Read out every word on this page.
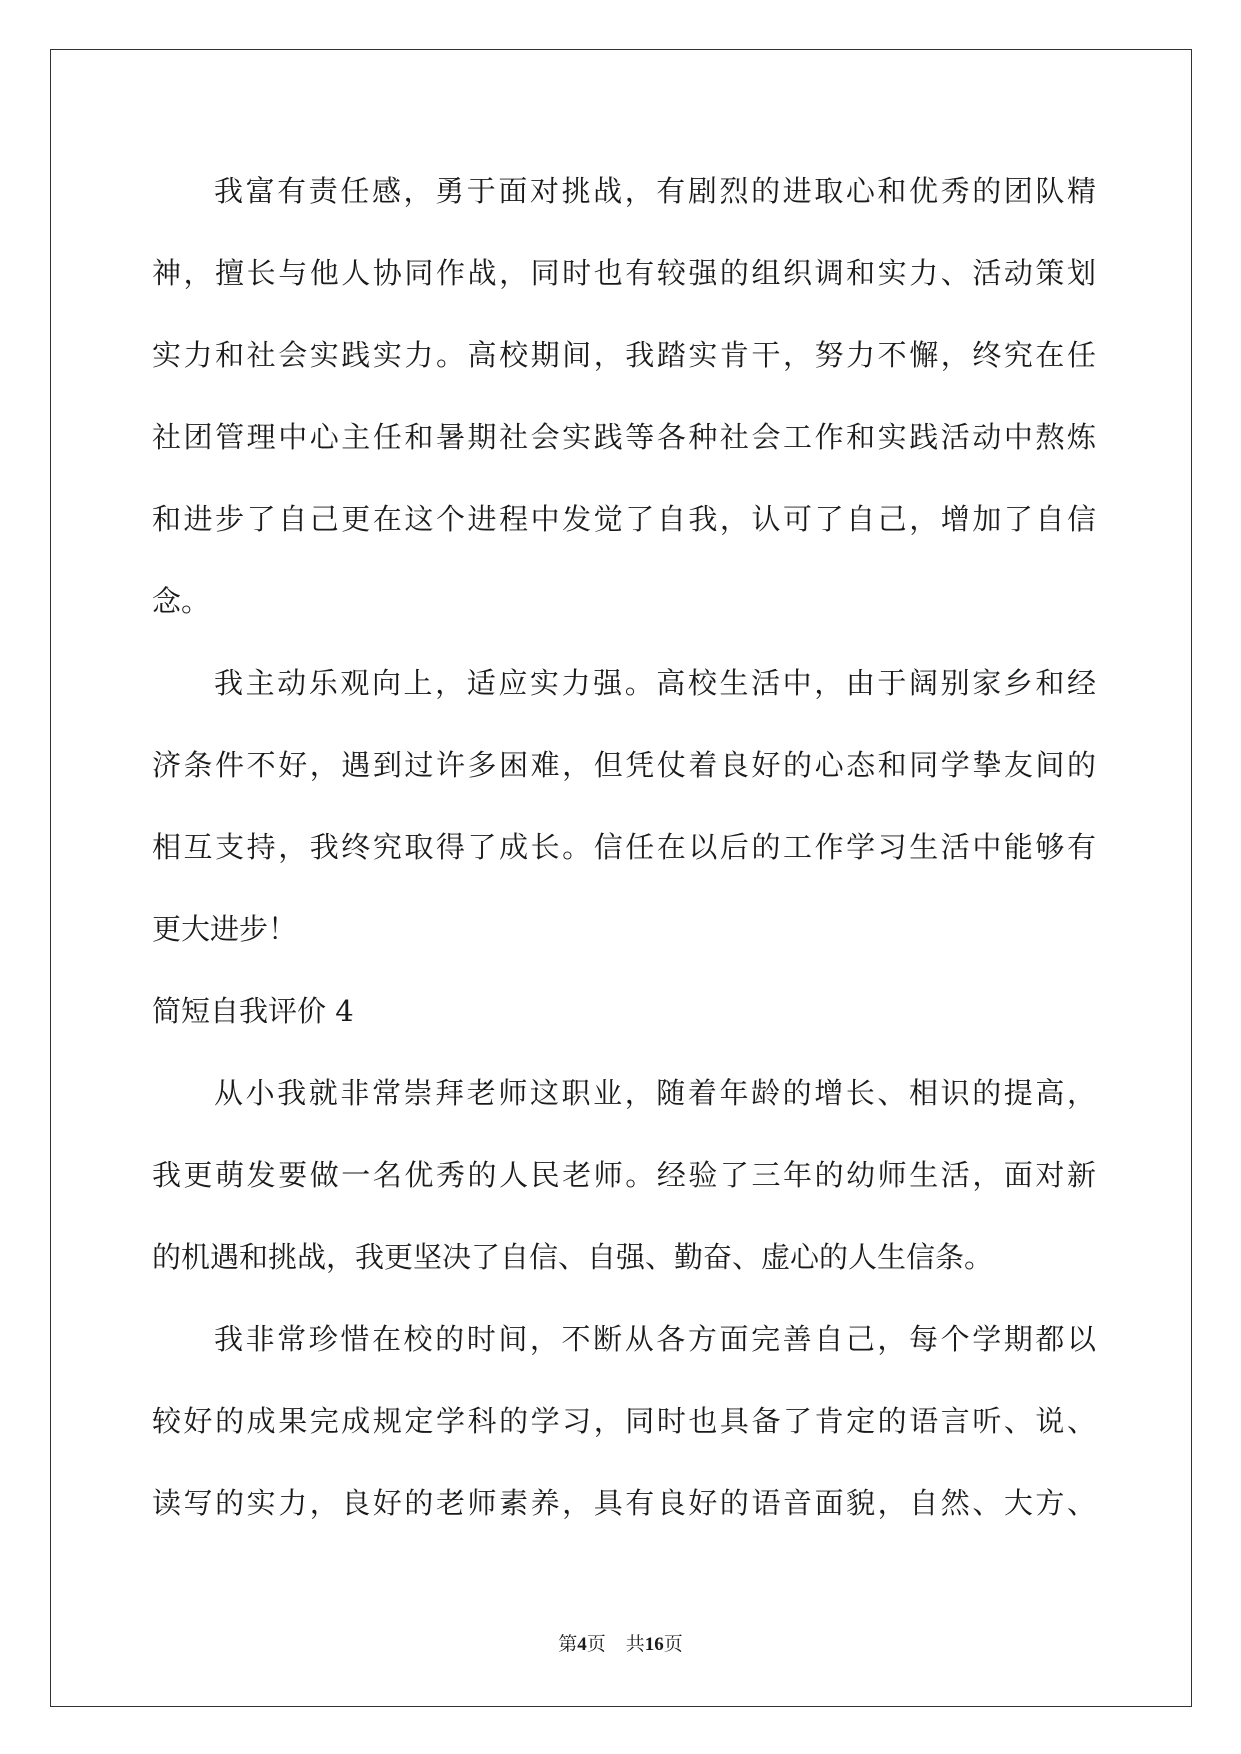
我富有责任感，勇于面对挑战，有剧烈的进取心和优秀的团队精
神，擅长与他人协同作战，同时也有较强的组织调和实力、活动策划
实力和社会实践实力。高校期间，我踏实肯干，努力不懈，终究在任
社团管理中心主任和暑期社会实践等各种社会工作和实践活动中熬炼
和进步了自己更在这个进程中发觉了自我，认可了自己，增加了自信
念。
我主动乐观向上，适应实力强。高校生活中，由于阔别家乡和经
济条件不好，遇到过许多困难，但凭仗着良好的心态和同学挚友间的
相互支持，我终究取得了成长。信任在以后的工作学习生活中能够有
更大进步！
简短自我评价 4
从小我就非常崇拜老师这职业，随着年龄的增长、相识的提高，
我更萌发要做一名优秀的人民老师。经验了三年的幼师生活，面对新
的机遇和挑战，我更坚决了自信、自强、勤奋、虚心的人生信条。
我非常珍惜在校的时间，不断从各方面完善自己，每个学期都以
较好的成果完成规定学科的学习，同时也具备了肯定的语言听、说、
读写的实力，良好的老师素养，具有良好的语音面貌，自然、大方、
第4页 共16页
